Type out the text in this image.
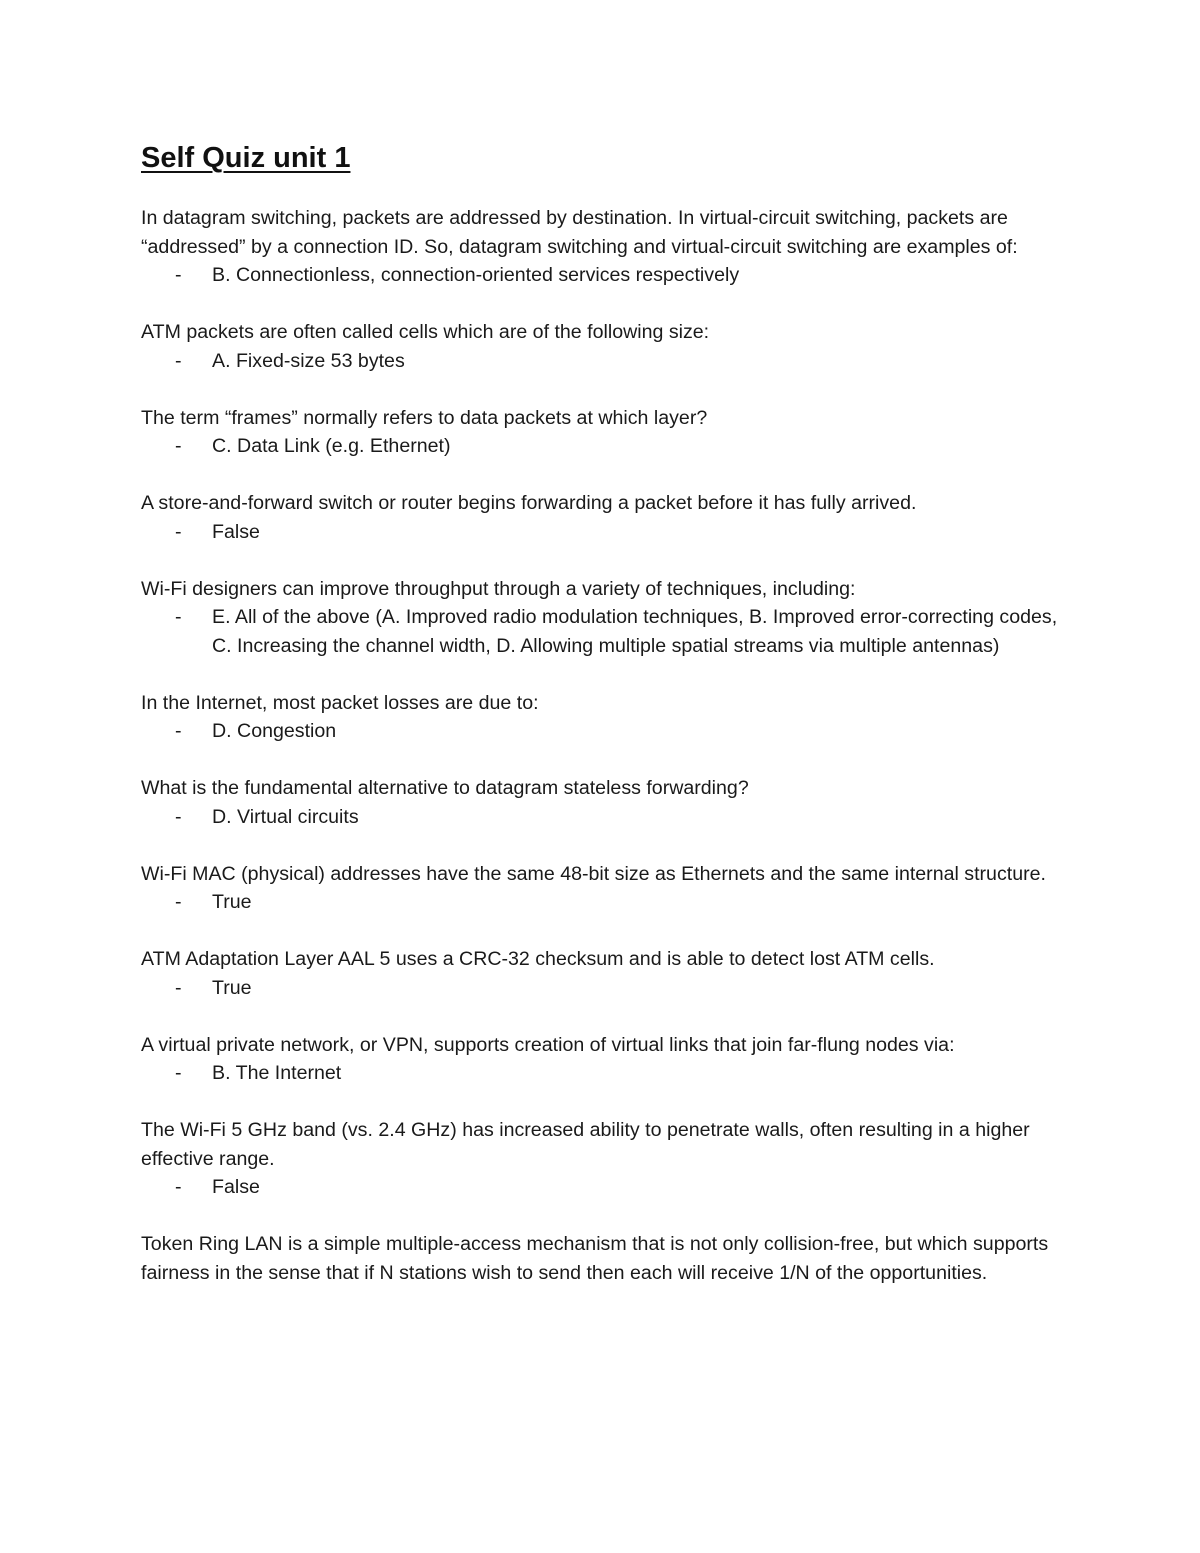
Self Quiz unit 1

In datagram switching, packets are addressed by destination. In virtual-circuit switching, packets are “addressed” by a connection ID. So, datagram switching and virtual-circuit switching are examples of:

- B. Connectionless, connection-oriented services respectively

ATM packets are often called cells which are of the following size:

- A. Fixed-size 53 bytes

The term “frames” normally refers to data packets at which layer?

- C. Data Link (e.g. Ethernet)

A store-and-forward switch or router begins forwarding a packet before it has fully arrived.

- False

Wi-Fi designers can improve throughput through a variety of techniques, including:

- E. All of the above (A. Improved radio modulation techniques, B. Improved error-correcting codes, C. Increasing the channel width, D. Allowing multiple spatial streams via multiple antennas)

In the Internet, most packet losses are due to:

- D. Congestion

What is the fundamental alternative to datagram stateless forwarding?

- D. Virtual circuits

Wi-Fi MAC (physical) addresses have the same 48-bit size as Ethernets and the same internal structure.

- True

ATM Adaptation Layer AAL 5 uses a CRC-32 checksum and is able to detect lost ATM cells.

- True

A virtual private network, or VPN, supports creation of virtual links that join far-flung nodes via:

- B. The Internet

The Wi-Fi 5 GHz band (vs. 2.4 GHz) has increased ability to penetrate walls, often resulting in a higher effective range.

- False

Token Ring LAN is a simple multiple-access mechanism that is not only collision-free, but which supports fairness in the sense that if N stations wish to send then each will receive 1/N of the opportunities.
